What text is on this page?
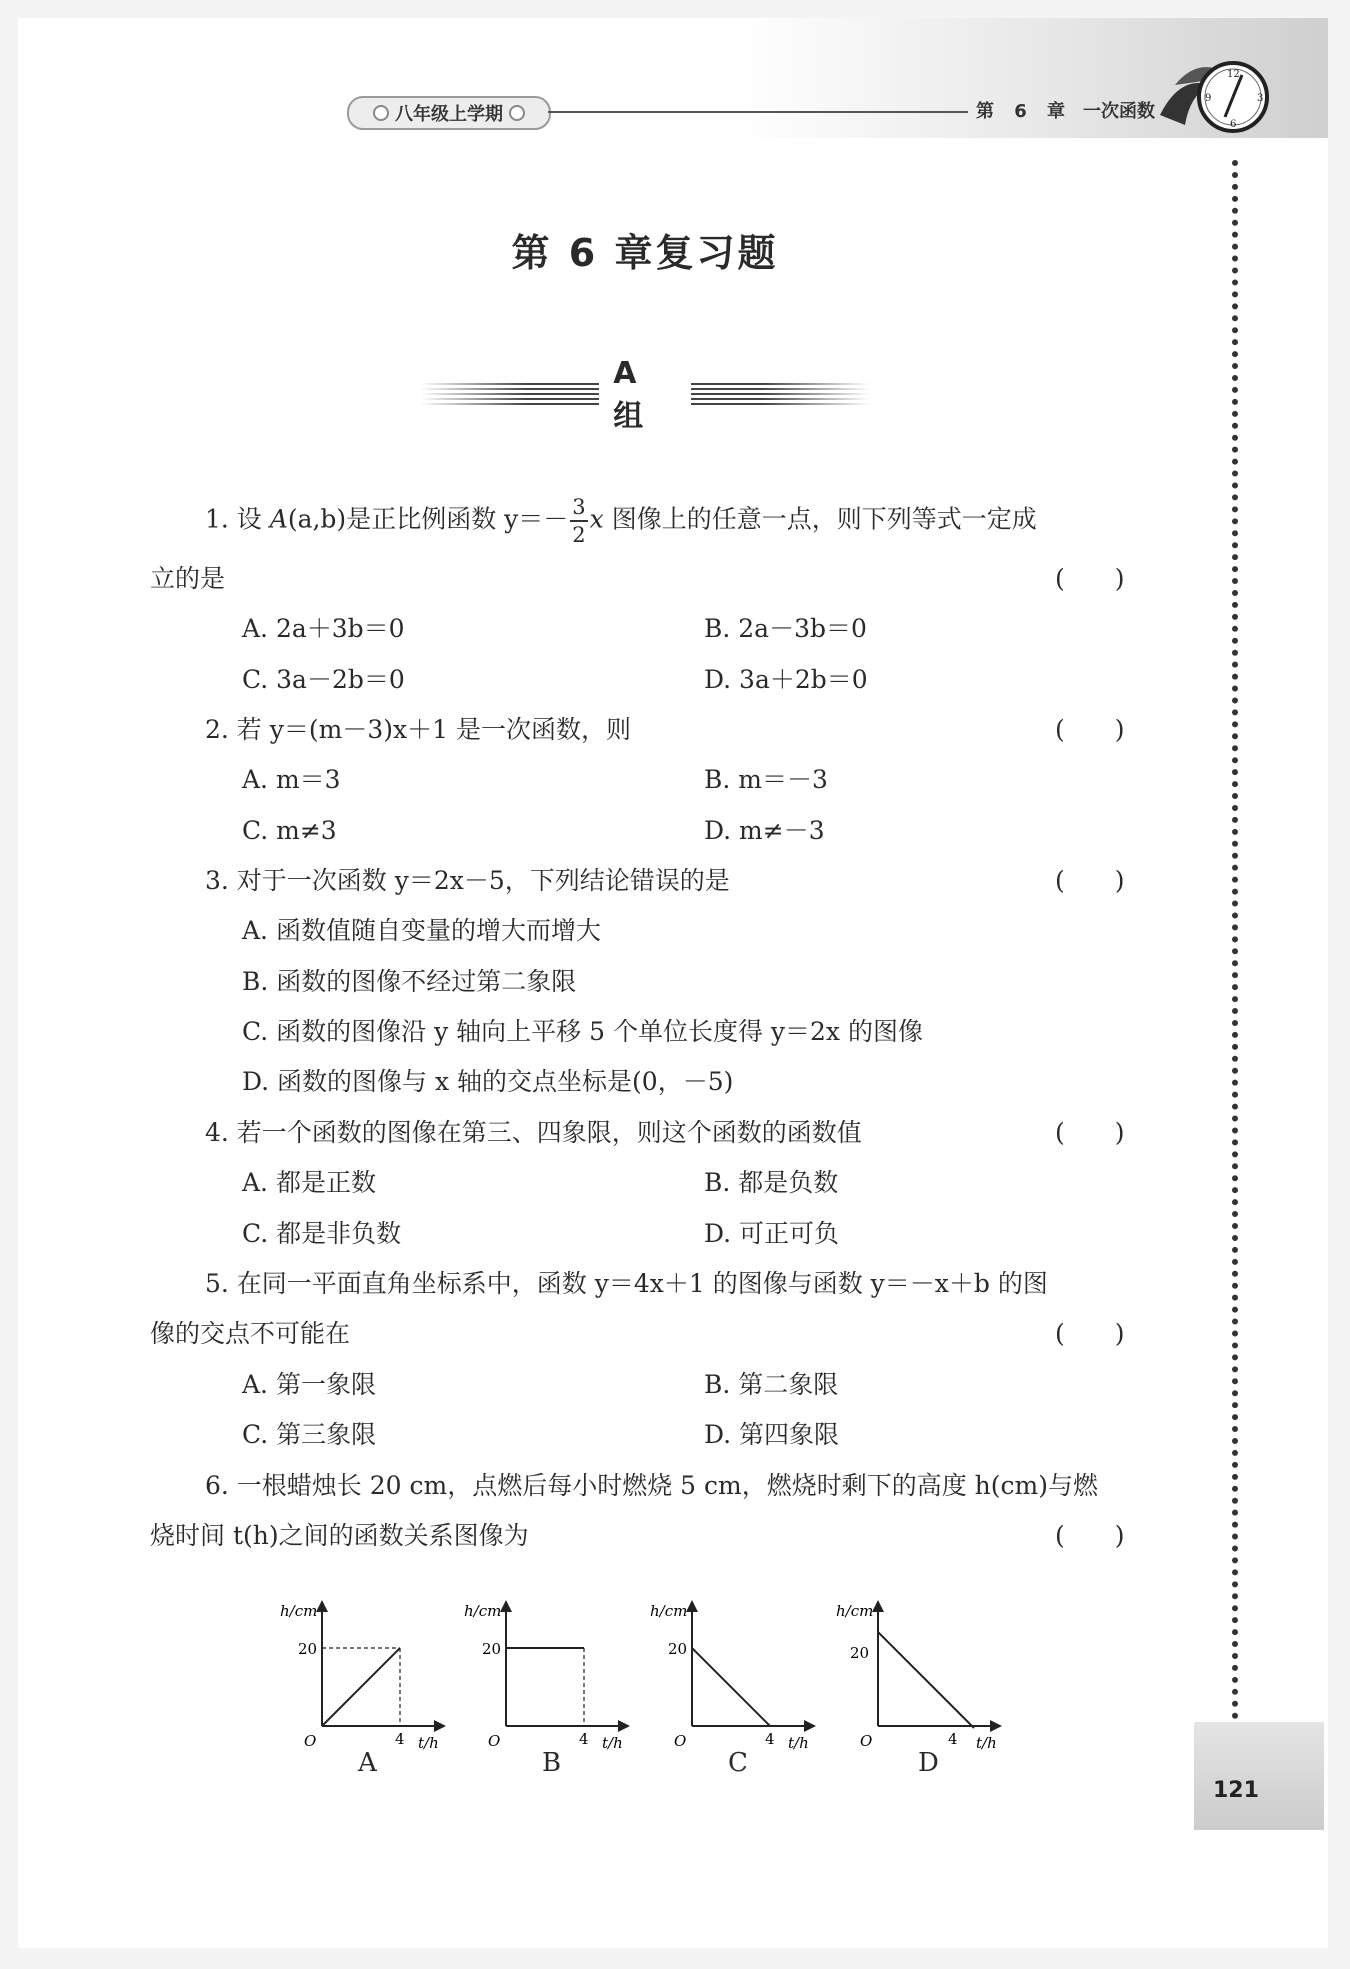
八年级上学期	第 6 章　一次函数
12
3
6
9
121
第 6 章复习题
A 组
1. 设 A(a,b)是正比例函数 $y=- \frac{3}{2}$ x 图像上的任意一点，则下列等式一定成
立的是	(　　)
A. 2a＋3b＝0	B. 2a－3b＝0
C. 3a－2b＝0	D. 3a＋2b＝0
2. 若 y＝(m－3)x＋1 是一次函数，则	(　　)
A. m＝3	B. m＝－3
C. m≠3	D. m≠－3
3. 对于一次函数 y＝2x－5，下列结论错误的是	(　　)
A. 函数值随自变量的增大而增大
B. 函数的图像不经过第二象限
C. 函数的图像沿 y 轴向上平移 5 个单位长度得 y＝2x 的图像
D. 函数的图像与 x 轴的交点坐标是(0，－5)
4. 若一个函数的图像在第三、四象限，则这个函数的函数值	(　　)
A. 都是正数	B. 都是负数
C. 都是非负数	D. 可正可负
5. 在同一平面直角坐标系中，函数 y＝4x＋1 的图像与函数 y＝－x＋b 的图
像的交点不可能在	(　　)
A. 第一象限	B. 第二象限
C. 第三象限	D. 第四象限
6. 一根蜡烛长 20 cm，点燃后每小时燃烧 5 cm，燃烧时剩下的高度 h(cm)与燃
烧时间 t(h)之间的函数关系图像为	(　　)
h/cm
20
O	4 t/h
A
h/cm
20
O	4 t/h
B
h/cm
20
O	4 t/h
C
h/cm
20
O	4 t/h
D
